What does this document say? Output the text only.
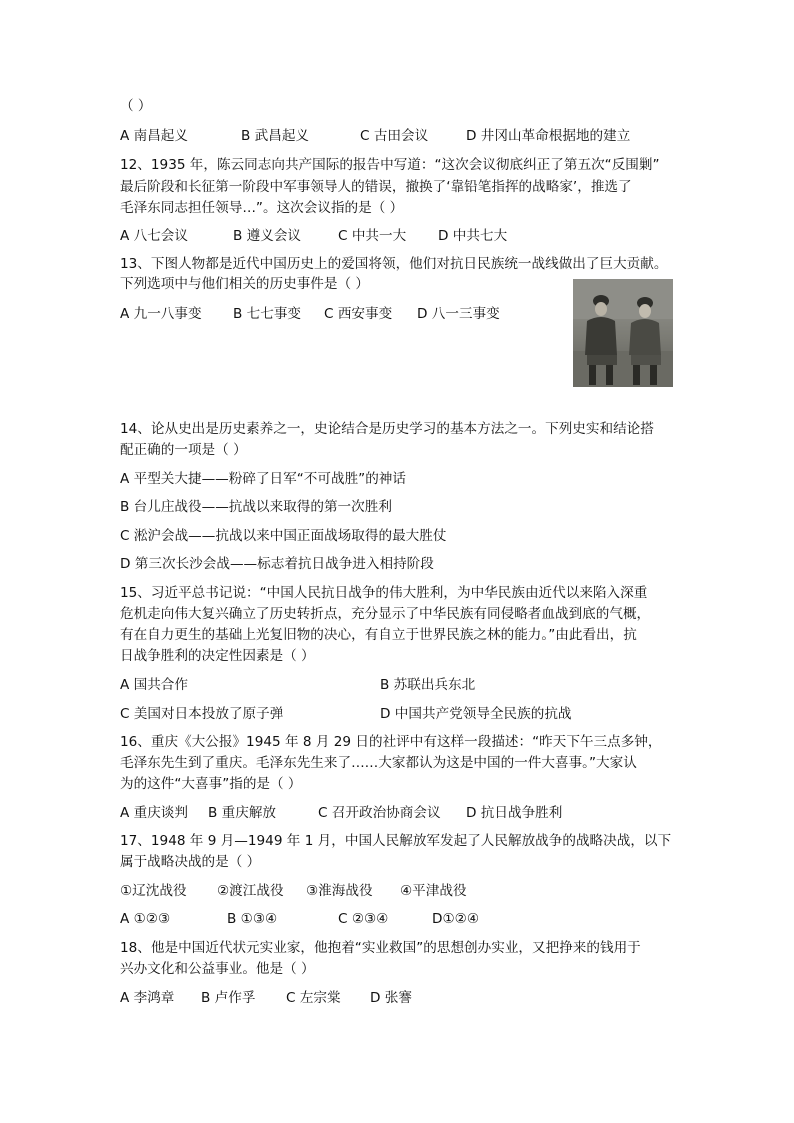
（ ）
A 南昌起义	B 武昌起义	C 古田会议	D 井冈山革命根据地的建立
12、1935 年，陈云同志向共产国际的报告中写道：“这次会议彻底纠正了第五次“反围剿”
最后阶段和长征第一阶段中军事领导人的错误，撤换了‘靠铅笔指挥的战略家’，推选了
毛泽东同志担任领导…”。这次会议指的是（ ）
A 八七会议	B 遵义会议	C 中共一大 D 中共七大
13、下图人物都是近代中国历史上的爱国将领，他们对抗日民族统一战线做出了巨大贡献。
下列选项中与他们相关的历史事件是（ ）
A 九一八事变 B 七七事变 C 西安事变 D 八一三事变
14、论从史出是历史素养之一，史论结合是历史学习的基本方法之一。下列史实和结论搭
配正确的一项是（ ）
A 平型关大捷——粉碎了日军“不可战胜”的神话
B 台儿庄战役——抗战以来取得的第一次胜利
C 淞沪会战——抗战以来中国正面战场取得的最大胜仗
D 第三次长沙会战——标志着抗日战争进入相持阶段
15、习近平总书记说：“中国人民抗日战争的伟大胜利，为中华民族由近代以来陷入深重
危机走向伟大复兴确立了历史转折点，充分显示了中华民族有同侵略者血战到底的气概，
有在自力更生的基础上光复旧物的决心，有自立于世界民族之林的能力。”由此看出，抗
日战争胜利的决定性因素是（ ）
A 国共合作	B 苏联出兵东北
C 美国对日本投放了原子弹	D 中国共产党领导全民族的抗战
16、重庆《大公报》1945 年 8 月 29 日的社评中有这样一段描述：“昨天下午三点多钟，
毛泽东先生到了重庆。毛泽东先生来了……大家都认为这是中国的一件大喜事。”大家认
为的这件“大喜事”指的是（ ）
A 重庆谈判 B 重庆解放	C 召开政治协商会议 D 抗日战争胜利
17、1948 年 9 月—1949 年 1 月，中国人民解放军发起了人民解放战争的战略决战，以下
属于战略决战的是（ ）
①辽沈战役 ②渡江战役 ③淮海战役 ④平津战役
A ①②③	B ①③④	C ②③④	D①②④
18、他是中国近代状元实业家，他抱着“实业救国”的思想创办实业，又把挣来的钱用于
兴办文化和公益事业。他是（ ）
A 李鸿章 B 卢作孚 C 左宗棠 D 张謇
